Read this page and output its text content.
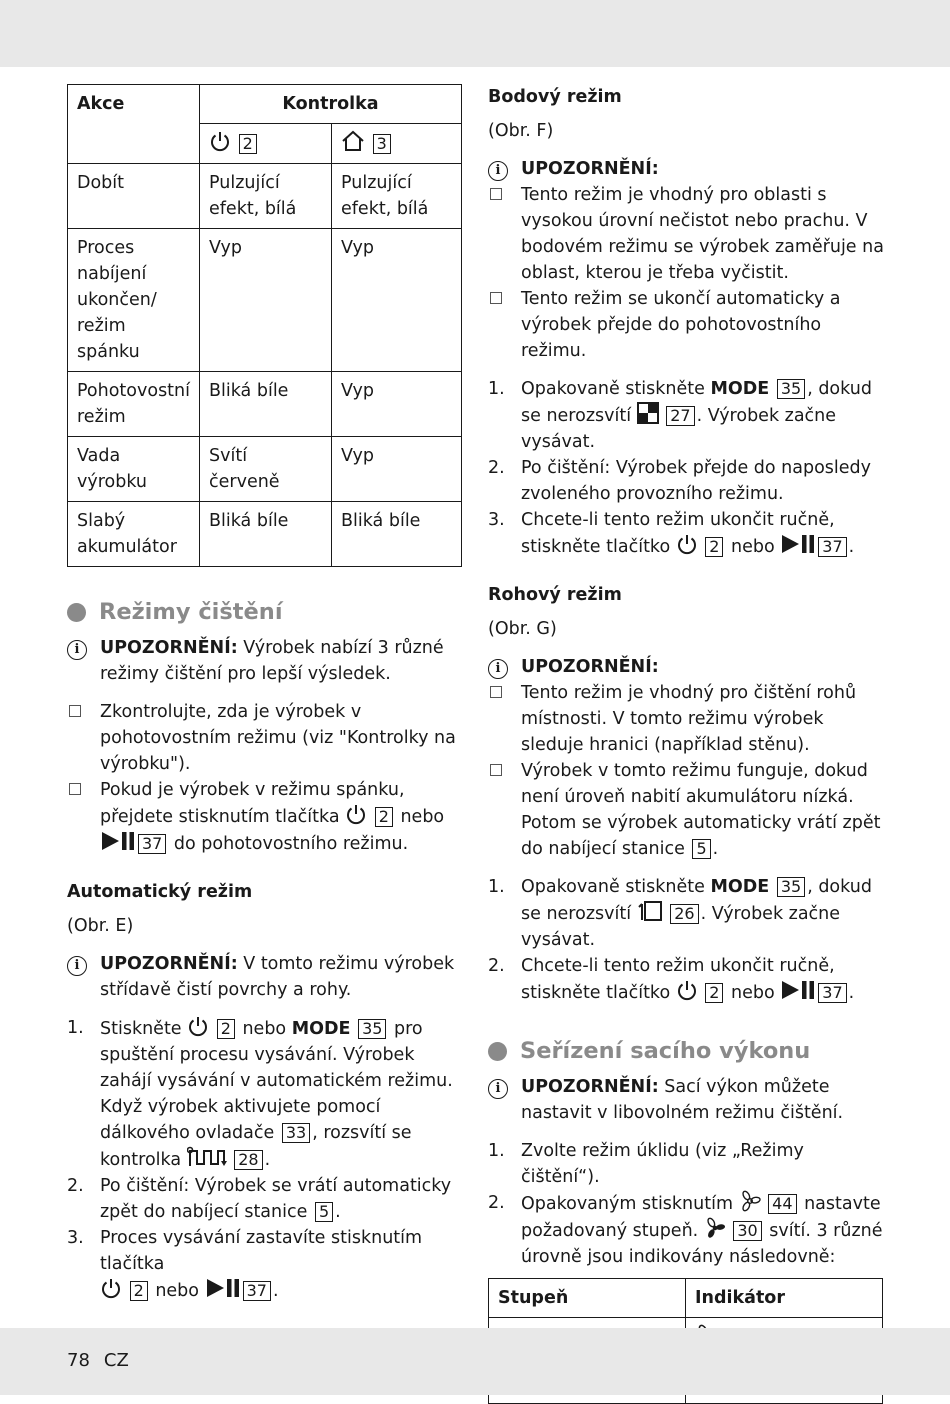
Akce	Kontrolka	
	2	3
Dobít	Pulzující efekt, bílá	Pulzující efekt, bílá
Proces nabíjení ukončen/ režim spánku	Vyp	Vyp
Pohotovostní režim	Bliká bíle	Vyp
Vada výrobku	Svítí červeně	Vyp
Slabý akumulátor	Bliká bíle	Bliká bíle
Režimy čištění
i	UPOZORNĚNÍ: Výrobek nabízí 3 různé režimy čištění pro lepší výsledek.

Zkontrolujte, zda je výrobek v pohotovostním režimu (viz "Kontrolky na výrobku").

Pokud je výrobek v režimu spánku, přejdete stisknutím tlačítka  2 nebo 37 do pohotovostního režimu.

Automatický režim

(Obr. E)

i	UPOZORNĚNÍ: V tomto režimu výrobek střídavě čistí povrchy a rohy.

1. Stiskněte  2 nebo MODE 35 pro spuštění procesu vysávání. Výrobek zahájí vysávání v automatickém režimu.
Když výrobek aktivujete pomocí dálkového ovladače 33 , rozsvítí se kontrolka	28 .

2. Po čištění: Výrobek se vrátí automaticky zpět do nabíjecí stanice 5 .

3. Proces vysávání zastavíte stisknutím tlačítka
2 nebo	37 .

Bodový režim

(Obr. F)

i	UPOZORNĚNÍ:

Tento režim je vhodný pro oblasti s vysokou úrovní nečistot nebo prachu. V bodovém režimu se výrobek zaměřuje na oblast, kterou je třeba vyčistit.

Tento režim se ukončí automaticky a výrobek přejde do pohotovostního režimu.

1. Opakovaně stiskněte MODE 35 , dokud se nerozsvítí  27 . Výrobek začne vysávat.

2. Po čištění: Výrobek přejde do naposledy zvoleného provozního režimu.

3. Chcete-li tento režim ukončit ručně, stiskněte tlačítko  2 nebo	37 .

Rohový režim

(Obr. G)

i	UPOZORNĚNÍ:

Tento režim je vhodný pro čištění rohů místnosti. V tomto režimu výrobek sleduje hranici (například stěnu).

Výrobek v tomto režimu funguje, dokud není úroveň nabití akumulátoru nízká. Potom se výrobek automaticky vrátí zpět do nabíjecí stanice 5 .

1. Opakovaně stiskněte MODE 35 , dokud se nerozsvítí  26 . Výrobek začne vysávat.

2. Chcete-li tento režim ukončit ručně, stiskněte tlačítko  2 nebo	37 .

Seřízení sacího výkonu
i	UPOZORNĚNÍ: Sací výkon můžete nastavit v libovolném režimu čištění.

1. Zvolte režim úklidu (viz „Režimy čištění“).

2. Opakovaným stisknutím  44 nastavte požadovaný stupeň.  30 svítí. 3 různé úrovně jsou indikovány následovně:

Stupeň	Indikátor

78 CZ
